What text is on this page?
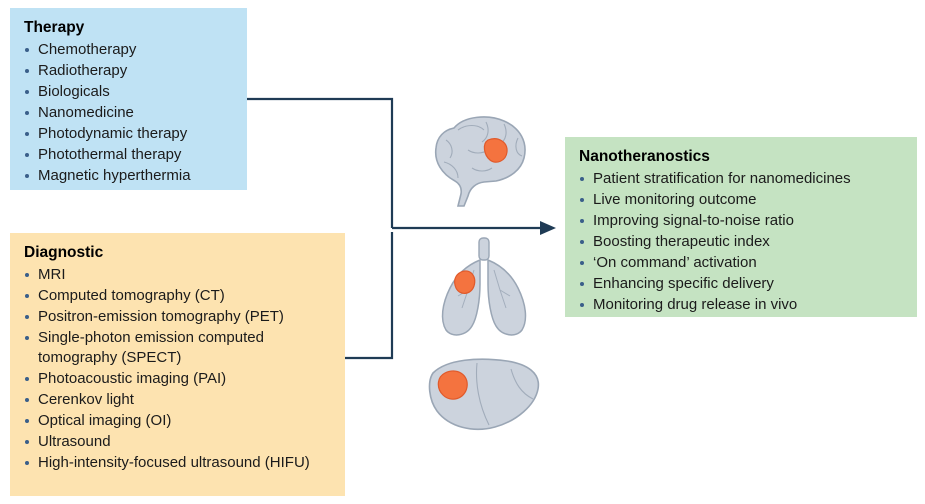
Therapy
Chemotherapy
Radiotherapy
Biologicals
Nanomedicine
Photodynamic therapy
Photothermal therapy
Magnetic hyperthermia
Diagnostic
MRI
Computed tomography (CT)
Positron-emission tomography (PET)
Single-photon emission computed tomography (SPECT)
Photoacoustic imaging (PAI)
Cerenkov light
Optical imaging (OI)
Ultrasound
High-intensity-focused ultrasound (HIFU)
Nanotheranostics
Patient stratification for nanomedicines
Live monitoring outcome
Improving signal-to-noise ratio
Boosting therapeutic index
‘On command’ activation
Enhancing specific delivery
Monitoring drug release in vivo
